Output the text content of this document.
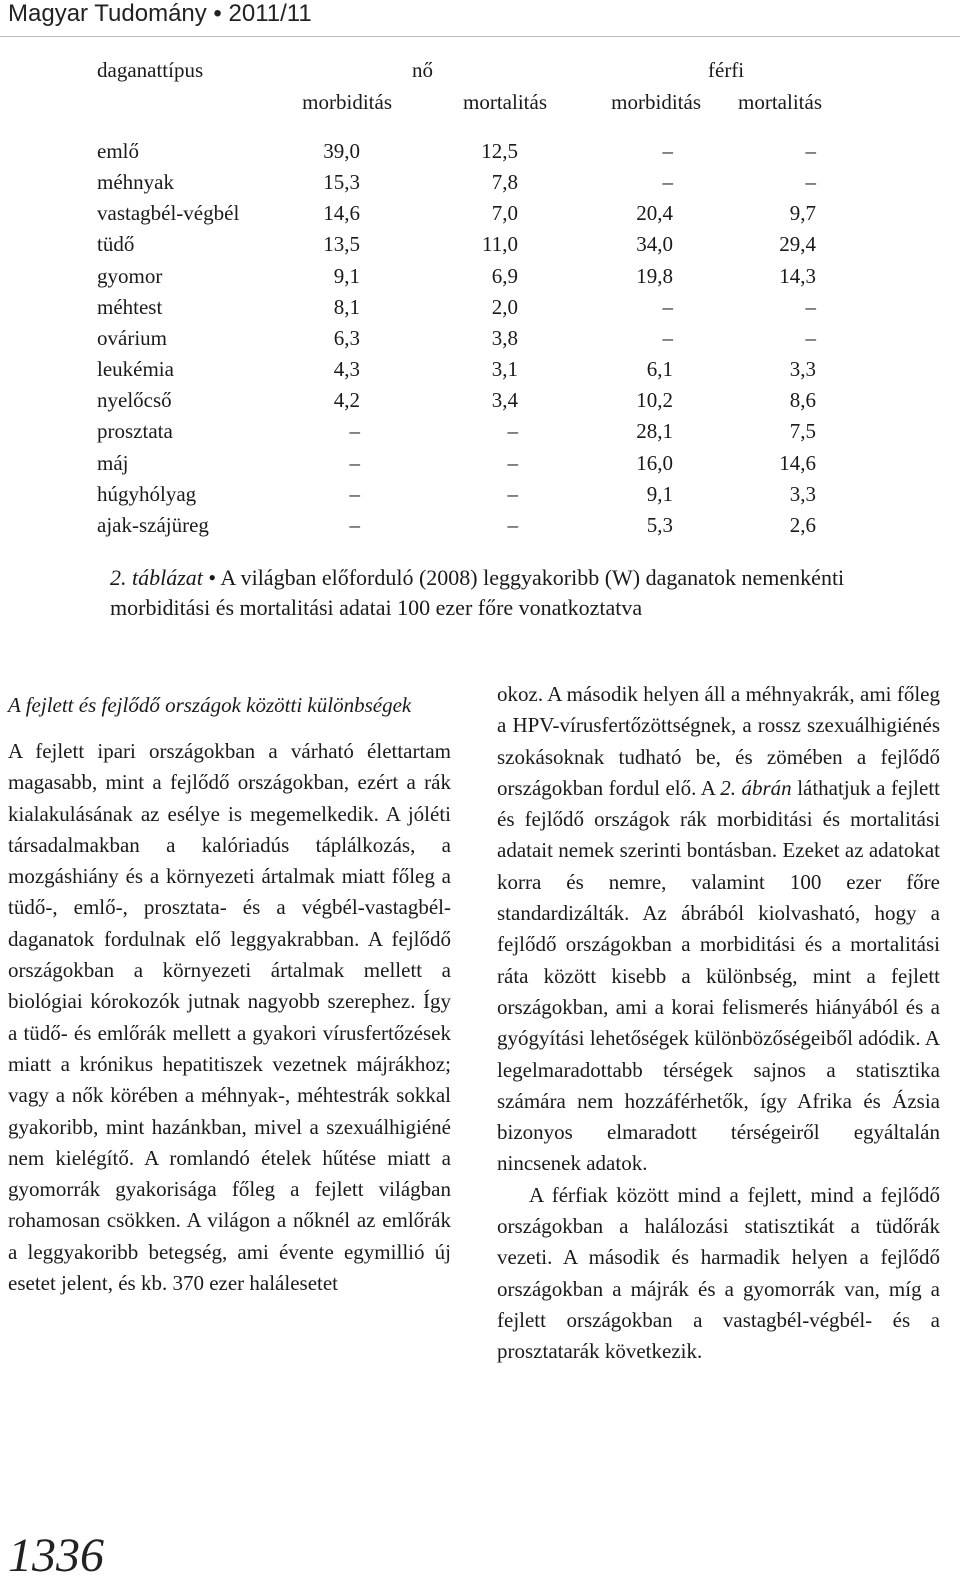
Magyar Tudomány • 2011/11
daganattípus	nő	férfi
morbiditás	mortalitás	morbiditás mortalitás
emlő	39,0	12,5	–	–
méhnyak	15,3	7,8	–	–
vastagbél-végbél	14,6	7,0	20,4	9,7
tüdő	13,5	11,0	34,0	29,4
gyomor	9,1	6,9	19,8	14,3
méhtest	8,1	2,0	–	–
ovárium	6,3	3,8	–	–
leukémia	4,3	3,1	6,1	3,3
nyelőcső	4,2	3,4	10,2	8,6
prosztata	–	–	28,1	7,5
máj	–	–	16,0	14,6
húgyhólyag	–	–	9,1	3,3
ajak-szájüreg	–	–	5,3	2,6
2. táblázat • A világban előforduló (2008) leggyakoribb (W) daganatok nemenkénti morbiditási és mortalitási adatai 100 ezer főre vonatkoztatva

A fejlett és fejlődő országok közötti különbségek

A fejlett ipari országokban a várható élettartam magasabb, mint a fejlődő országokban, ezért a rák kialakulásának az esélye is megemelkedik. A jóléti társadalmakban a kalóriadús táplálkozás, a mozgáshiány és a környezeti ártalmak miatt főleg a tüdő-, emlő-, prosztata- és a végbél-vastagbél-daganatok fordulnak elő leggyakrabban. A fejlődő országokban a környezeti ártalmak mellett a biológiai kórokozók jutnak nagyobb szerephez. Így a tüdő- és emlőrák mellett a gyakori vírusfertőzések miatt a krónikus hepatitiszek vezetnek májrákhoz; vagy a nők körében a méhnyak-, méhtestrák sokkal gyakoribb, mint hazánkban, mivel a szexuálhigiéné nem kielégítő. A romlandó ételek hűtése miatt a gyomorrák gyakorisága főleg a fejlett világban rohamosan csökken. A világon a nőknél az emlőrák a leggyakoribb betegség, ami évente egymillió új esetet jelent, és kb. 370 ezer halálesetet

okoz. A második helyen áll a méhnyakrák, ami főleg a HPV-vírusfertőzöttségnek, a rossz szexuálhigiénés szokásoknak tudható be, és zömében a fejlődő országokban fordul elő. A 2. ábrán láthatjuk a fejlett és fejlődő országok rák morbiditási és mortalitási adatait nemek szerinti bontásban. Ezeket az adatokat korra és nemre, valamint 100 ezer főre standardizálták. Az ábrából kiolvasható, hogy a fejlődő országokban a morbiditási és a mortalitási ráta között kisebb a különbség, mint a fejlett országokban, ami a korai felismerés hiányából és a gyógyítási lehetőségek különbözőségeiből adódik. A legelmaradottabb térségek sajnos a statisztika számára nem hozzáférhetők, így Afrika és Ázsia bizonyos elmaradott térségeiről egyáltalán nincsenek adatok.

A férfiak között mind a fejlett, mind a fejlődő országokban a halálozási statisztikát a tüdőrák vezeti. A második és harmadik helyen a fejlődő országokban a májrák és a gyomorrák van, míg a fejlett országokban a vastagbél-végbél- és a prosztatarák következik.

1336
